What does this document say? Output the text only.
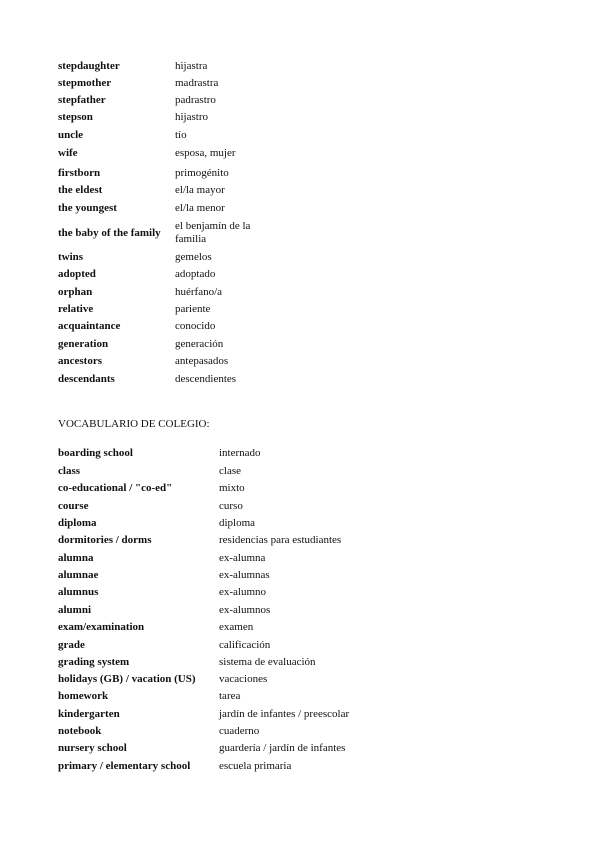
stepdaughter	hijastra
stepmother	madrastra
stepfather	padrastro
stepson	hijastro
uncle	tío
wife	esposa, mujer
firstborn	primogénito
the eldest	el/la mayor
the youngest	el/la menor
the baby of the family
el benjamín de la familia
twins	gemelos
adopted	adoptado
orphan	huérfano/a
relative	pariente
acquaintance	conocido
generation	generación
ancestors	antepasados
descendants	descendientes
VOCABULARIO DE COLEGIO:
boarding school	internado
class	clase
co-educational / "co-ed"	mixto
course	curso
diploma	diploma
dormitories / dorms	residencias para estudiantes
alumna	ex-alumna
alumnae	ex-alumnas
alumnus	ex-alumno
alumni	ex-alumnos
exam/examination	examen
grade	calificación
grading system	sistema de evaluación
holidays (GB) / vacation (US) vacaciones
homework	tarea
kindergarten	jardín de infantes / preescolar
notebook	cuaderno
nursery school	guardería / jardín de infantes
primary / elementary school	escuela primaria
